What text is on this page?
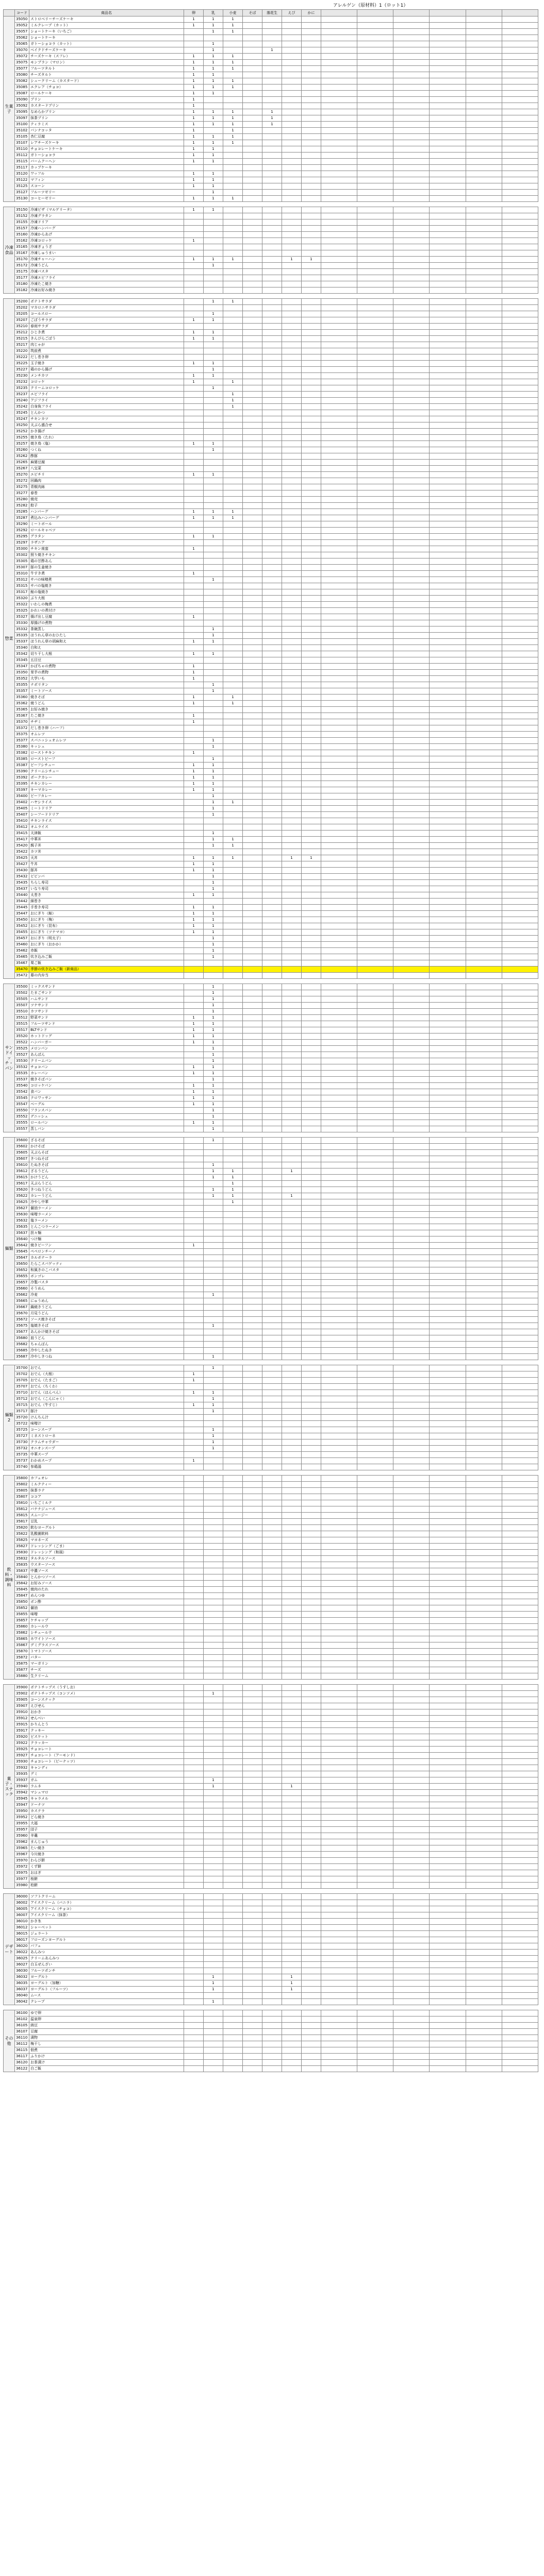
アレルゲン（原材料）1（ロット1）
	コード	商品名	卵	乳	小麦	そば	落花生	えび	かに						
生菓子	35050	ストロベリーチーズケーキ	1	1	1										
	35052	ミルクレープ（カット）	1	1	1										
	35057	ショートケーキ（いちご）		1	1										
	35062	ショートケーキ													
	35065	ガトーショコラ（カット）		1											
	35070	ベイクドチーズケーキ		1			1								
	35072	チーズケーキ（スフレ）	1	1	1										
	35075	モンブラン（マロン）	1	1	1										
	35077	フルーツタルト	1	1	1										
	35080	チーズタルト	1	1											
	35082	シュークリーム（カスタード）	1	1	1										
	35085	エクレア（チョコ）	1	1	1										
	35087	ロールケーキ	1	1											
	35090	プリン	1												
	35092	カスタードプリン	1												
	35095	なめらかプリン	1	1	1		1								
	35097	抹茶プリン	1	1	1		1								
	35100	ティラミス	1	1	1		1								
	35102	パンナコッタ	1		1										
	35105	杏仁豆腐	1	1	1										
	35107	レアチーズケーキ	1	1	1										
	35110	チョコレートケーキ	1	1											
	35112	ガトーショコラ	1	1											
	35115	バームクーヘン	1	1											
	35117	カップケーキ													
	35120	ワッフル	1	1											
	35122	マフィン	1	1											
	35125	スコーン	1	1											
	35127	フルーツゼリー		1											
	35130	コーヒーゼリー	1	1	1										

冷凍食品	35150	冷凍ピザ（マルゲリータ）	1	1											
	35152	冷凍グラタン													
	35155	冷凍ドリア													
	35157	冷凍ハンバーグ													
	35160	冷凍からあげ													
	35162	冷凍コロッケ	1												
	35165	冷凍ぎょうざ													
	35167	冷凍しゅうまい													
	35170	冷凍チャーハン	1	1	1			1	1						
	35172	冷凍うどん		1											
	35175	冷凍パスタ													
	35177	冷凍エビフライ													
	35180	冷凍たこ焼き													
	35182	冷凍お好み焼き													

惣菜	35200	ポテトサラダ		1	1										
	35202	マカロニサラダ													
	35205	コールスロー		1											
	35207	ごぼうサラダ	1	1											
	35210	春雨サラダ													
	35212	ひじき煮	1	1											
	35215	きんぴらごぼう	1	1											
	35217	肉じゃが													
	35220	筑前煮													
	35222	だし巻き卵													
	35225	玉子焼き	1	1											
	35227	鶏のから揚げ		1											
	35230	メンチカツ	1	1											
	35232	コロッケ	1		1										
	35235	クリームコロッケ		1											
	35237	エビフライ			1										
	35240	アジフライ			1										
	35242	白身魚フライ			1										
	35245	とんかつ													
	35247	チキンカツ													
	35250	天ぷら盛合せ													
	35252	かき揚げ													
	35255	焼き鳥（たれ）													
	35257	焼き鳥（塩）	1	1											
	35260	つくね		1											
	35262	酢豚													
	35265	麻婆豆腐													
	35267	八宝菜													
	35270	エビチリ	1	1											
	35272	回鍋肉													
	35275	青椒肉絲													
	35277	春巻													
	35280	焼売													
	35282	餃子													
	35285	ハンバーグ	1	1	1										
	35287	煮込みハンバーグ	1	1	1										
	35290	ミートボール													
	35292	ロールキャベツ													
	35295	グラタン	1	1											
	35297	ラザニア													
	35300	チキン南蛮	1												
	35302	照り焼きチキン													
	35305	鶏の甘酢あん													
	35307	豚の生姜焼き													
	35310	牛すき煮	1												
	35312	サバの味噌煮		1											
	35315	サバの塩焼き													
	35317	鮭の塩焼き													
	35320	ぶり大根													
	35322	いわしの梅煮													
	35325	かれいの煮付け													
	35327	揚げ出し豆腐	1												
	35330	厚揚げの煮物													
	35332	茶碗蒸し		1											
	35335	ほうれん草のおひたし		1											
	35337	ほうれん草の胡麻和え	1	1											
	35340	白和え													
	35342	切り干し大根	1	1											
	35345	五目豆													
	35347	かぼちゃの煮物	1												
	35350	里芋の煮物	1												
	35352	大学いも	1												
	35355	ナポリタン		1											
	35357	ミートソース		1											
	35360	焼きそば	1		1										
	35362	焼うどん	1		1										
	35365	お好み焼き													
	35367	たこ焼き	1												
	35370	チヂミ	1												
	35372	だし巻き卵（ハーフ）													
	35375	オムレツ													
	35377	スパニッシュオムレツ		1											
	35380	キッシュ		1											
	35382	ローストチキン	1												
	35385	ローストビーフ		1											
	35387	ビーフシチュー	1	1											
	35390	クリームシチュー	1	1											
	35392	ポークカレー	1	1											
	35395	チキンカレー	1	1											
	35397	キーマカレー	1	1											
	35400	ビーフカレー		1											
	35402	ハヤシライス		1	1										
	35405	ミートドリア		1											
	35407	シーフードドリア		1											
	35410	チキンライス													
	35412	オムライス													
	35415	天津飯		1											
	35417	中華丼		1	1										
	35420	親子丼		1	1										
	35422	カツ丼													
	35425	天丼	1	1	1			1	1						
	35427	牛丼	1	1											
	35430	豚丼	1	1											
	35432	ビビンバ		1											
	35435	ちらし寿司		1											
	35437	いなり寿司		1											
	35440	太巻き	1	1											
	35442	細巻き													
	35445	手巻き寿司	1	1											
	35447	おにぎり（鮭）	1	1											
	35450	おにぎり（梅）	1	1											
	35452	おにぎり（昆布）	1	1											
	35455	おにぎり（ツナマヨ）	1	1											
	35457	おにぎり（明太子）		1											
	35460	おにぎり（おかか）		1											
	35462	赤飯		1											
	35465	炊き込みご飯		1											
	35467	栗ご飯													
	35470	季節の炊き込みご飯（新商品）													
	35472	幕の内弁当													

サンドイッチ・パン	35500	ミックスサンド		1											
	35502	たまごサンド		1											
	35505	ハムサンド		1											
	35507	ツナサンド		1											
	35510	カツサンド		1											
	35512	野菜サンド	1	1											
	35515	フルーツサンド	1	1											
	35517	BLTサンド	1	1											
	35520	ホットドッグ	1	1											
	35522	ハンバーガー	1	1											
	35525	メロンパン		1											
	35527	あんぱん		1											
	35530	クリームパン		1											
	35532	チョコパン	1	1											
	35535	カレーパン	1	1											
	35537	焼きそばパン		1											
	35540	コロッケパン	1	1											
	35542	食パン	1	1											
	35545	クロワッサン	1	1											
	35547	ベーグル	1	1											
	35550	フランスパン		1											
	35552	デニッシュ		1											
	35555	ロールパン	1	1											
	35557	蒸しパン		1											

麺類	35600	ざるそば		1											
	35602	かけそば													
	35605	天ぷらそば													
	35607	きつねそば													
	35610	たぬきそば		1											
	35612	ざるうどん		1	1			1							
	35615	かけうどん		1	1										
	35617	天ぷらうどん			1										
	35620	きつねうどん		1	1										
	35622	カレーうどん		1	1			1							
	35625	冷やし中華			1										
	35627	醤油ラーメン													
	35630	味噌ラーメン													
	35632	塩ラーメン													
	35635	とんこつラーメン													
	35637	担々麺													
	35640	つけ麺													
	35642	焼きビーフン	1												
	35645	ペペロンチーノ													
	35647	カルボナーラ													
	35650	たらこスパゲッティ													
	35652	和風きのこパスタ													
	35655	ボンゴレ													
	35657	冷製パスタ													
	35660	そうめん													
	35662	冷麦		1											
	35665	にゅうめん													
	35667	鍋焼きうどん													
	35670	月見うどん													
	35672	ソース焼きそば													
	35675	塩焼きそば		1											
	35677	あんかけ焼きそば													
	35680	皿うどん													
	35682	ちゃんぽん													
	35685	冷やしたぬき													
	35687	冷やしきつね		1											

麺類2	35700	おでん		1											
	35702	おでん（大根）	1												
	35705	おでん（たまご）	1												
	35707	おでん（ちくわ）													
	35710	おでん（はんぺん）	1	1											
	35712	おでん（こんにゃく）		1											
	35715	おでん（牛すじ）	1	1											
	35717	豚汁		1											
	35720	けんちん汁													
	35722	味噌汁													
	35725	コーンスープ		1											
	35727	ミネストローネ		1											
	35730	クラムチャウダー		1											
	35732	オニオンスープ		1											
	35735	中華スープ													
	35737	わかめスープ	1												
	35740	参鶏湯													

飲料・調味料	35800	カフェオレ													
	35802	ミルクティー													
	35805	抹茶ラテ													
	35807	ココア													
	35810	いちごミルク													
	35812	バナナジュース													
	35815	スムージー													
	35817	豆乳													
	35820	飲むヨーグルト													
	35822	乳酸菌飲料													
	35825	マヨネーズ													
	35827	ドレッシング（ごま）													
	35830	ドレッシング（和風）													
	35832	タルタルソース													
	35835	ウスターソース													
	35837	中濃ソース													
	35840	とんかつソース													
	35842	お好みソース													
	35845	焼肉のたれ													
	35847	めんつゆ													
	35850	ポン酢													
	35852	醤油													
	35855	味噌													
	35857	ケチャップ													
	35860	カレールウ													
	35862	シチュールウ													
	35865	ホワイトソース													
	35867	デミグラスソース													
	35870	トマトソース													
	35872	バター													
	35875	マーガリン													
	35877	チーズ													
	35880	生クリーム													

菓子・スナック	35900	ポテトチップス（うすしお）													
	35902	ポテトチップス（コンソメ）		1											
	35905	コーンスナック													
	35907	えびせん													
	35910	おかき													
	35912	せんべい													
	35915	かりんとう													
	35917	クッキー													
	35920	ビスケット													
	35922	クラッカー													
	35925	チョコレート													
	35927	チョコレート（アーモンド）													
	35930	チョコレート（ピーナッツ）													
	35932	キャンディ													
	35935	グミ													
	35937	ガム		1											
	35940	ラムネ		1				1							
	35942	マシュマロ													
	35945	キャラメル													
	35947	ドーナツ													
	35950	カステラ													
	35952	どら焼き													
	35955	大福													
	35957	団子													
	35960	羊羹													
	35962	まんじゅう													
	35965	たい焼き													
	35967	今川焼き													
	35970	わらび餅													
	35972	くず餅													
	35975	おはぎ													
	35977	桜餅													
	35980	柏餅													

デザート	36000	ソフトクリーム													
	36002	アイスクリーム（バニラ）													
	36005	アイスクリーム（チョコ）													
	36007	アイスクリーム（抹茶）													
	36010	かき氷													
	36012	シャーベット													
	36015	ジェラート													
	36017	フローズンヨーグルト													
	36020	パフェ													
	36022	あんみつ													
	36025	クリームあんみつ													
	36027	白玉ぜんざい													
	36030	フルーツポンチ													
	36032	ヨーグルト		1				1							
	36035	ヨーグルト（加糖）		1				1							
	36037	ヨーグルト（フルーツ）		1				1							
	36040	ムース													
	36042	クレープ		1											

その他	36100	ゆで卵													
	36102	温泉卵													
	36105	納豆													
	36107	豆腐													
	36110	漬物													
	36112	梅干し													
	36115	佃煮													
	36117	ふりかけ													
	36120	お茶漬け													
	36122	白ご飯													
